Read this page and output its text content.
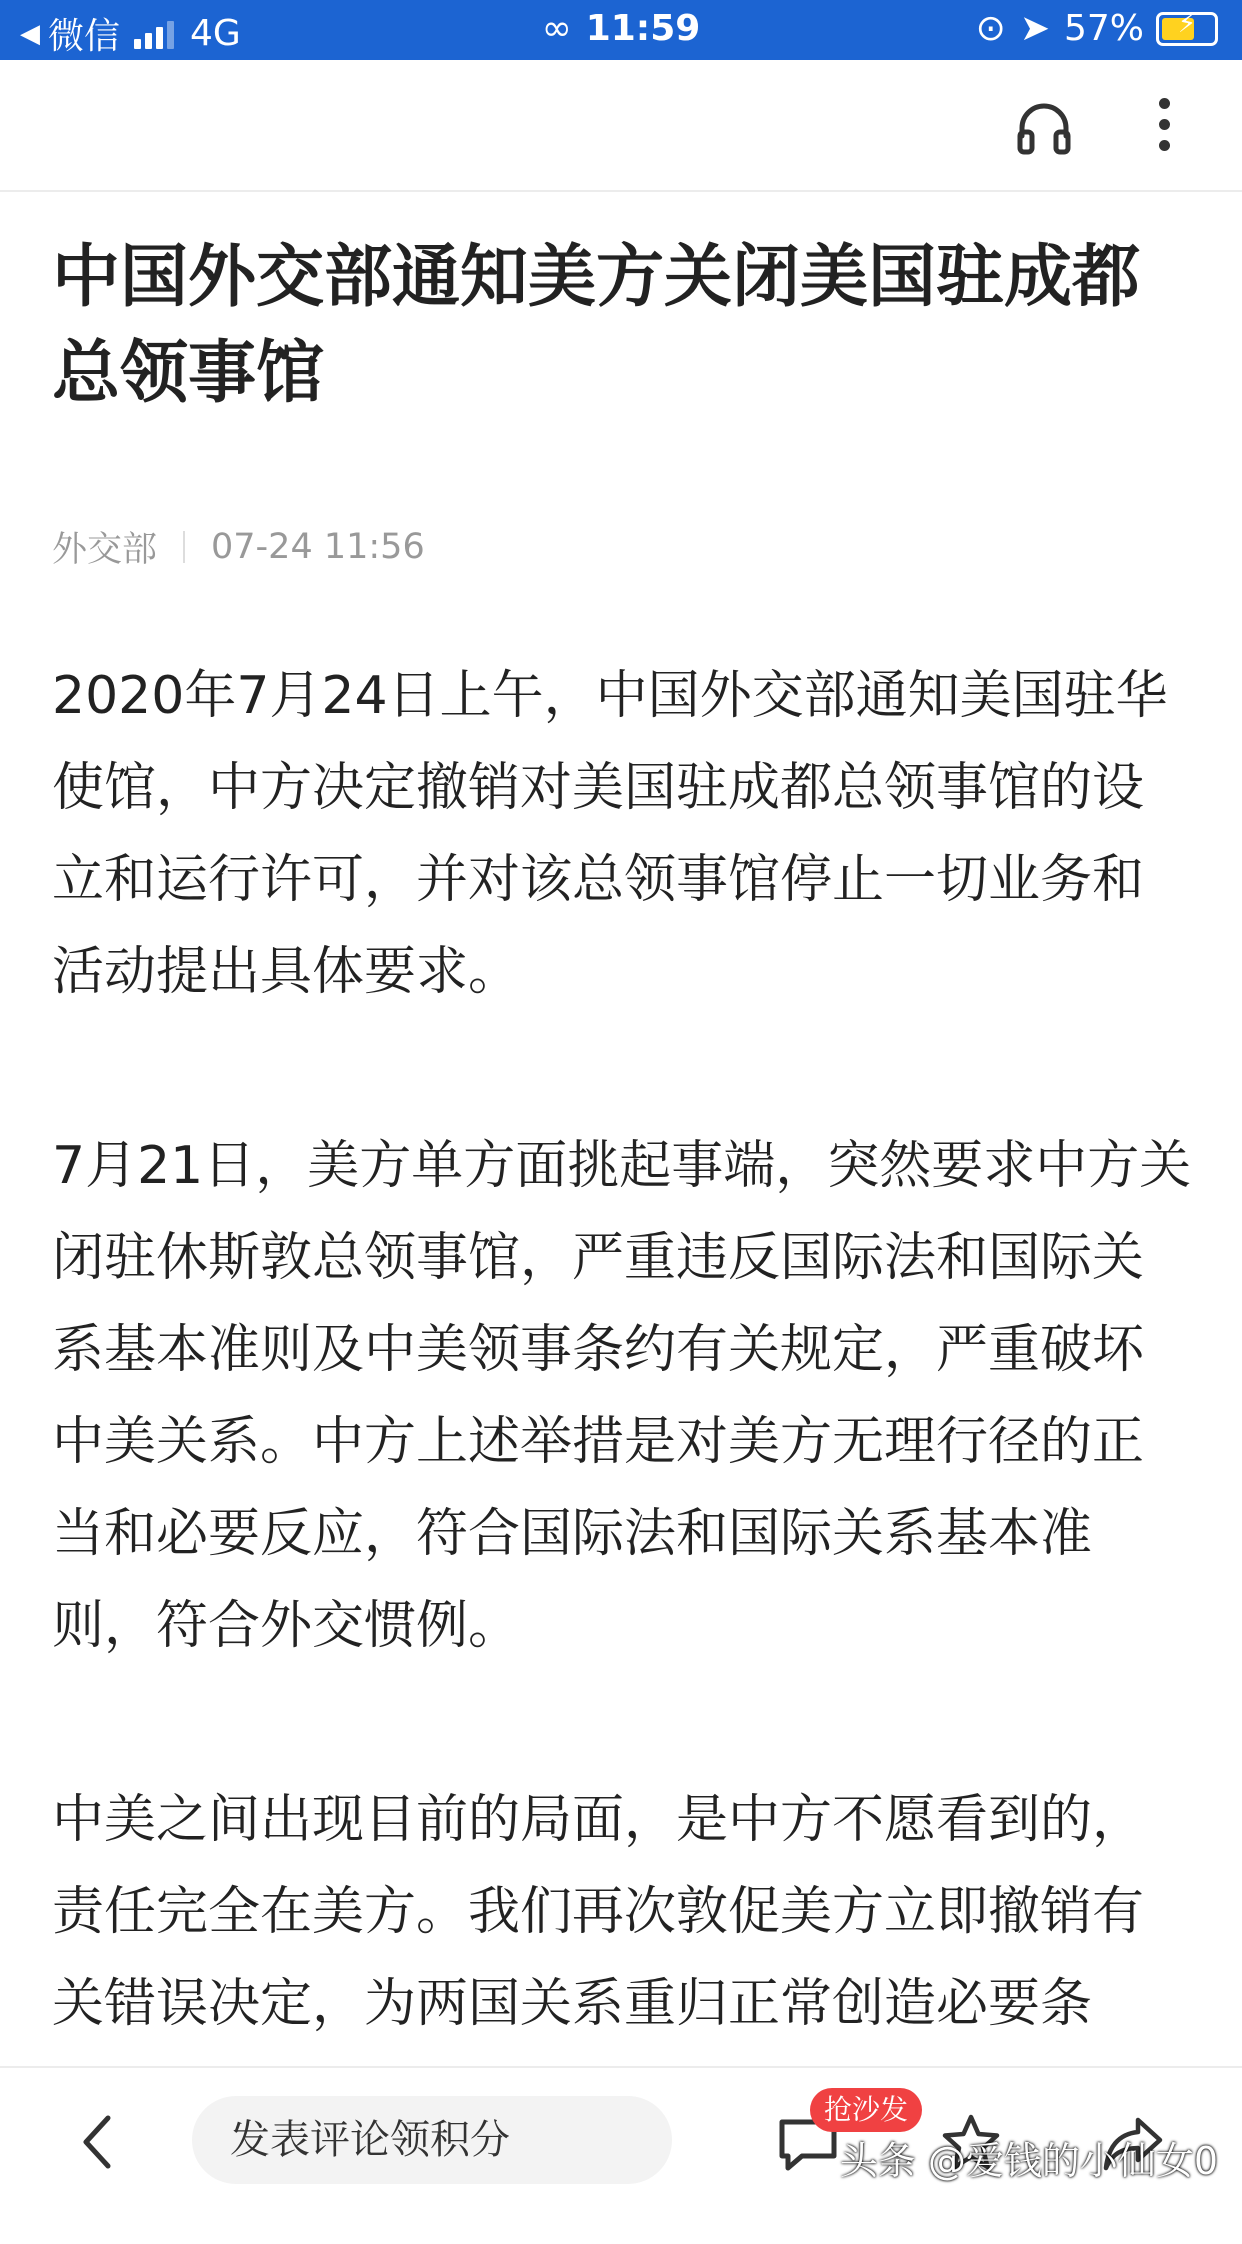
◀ 微信 4G	∞ 11:59	⊙ ➤ 57%	⚡
中国外交部通知美方关闭美国驻成都总领事馆
外交部 07-24 11:56

2020年7月24日上午，中国外交部通知美国驻华使馆，中方决定撤销对美国驻成都总领事馆的设立和运行许可，并对该总领事馆停止一切业务和活动提出具体要求。

7月21日，美方单方面挑起事端，突然要求中方关闭驻休斯敦总领事馆，严重违反国际法和国际关系基本准则及中美领事条约有关规定，严重破坏中美关系。中方上述举措是对美方无理行径的正当和必要反应，符合国际法和国际关系基本准则，符合外交惯例。

中美之间出现目前的局面，是中方不愿看到的，责任完全在美方。我们再次敦促美方立即撤销有关错误决定，为两国关系重归正常创造必要条

发表评论领积分
抢沙发
头条 @爱钱的小仙女0
